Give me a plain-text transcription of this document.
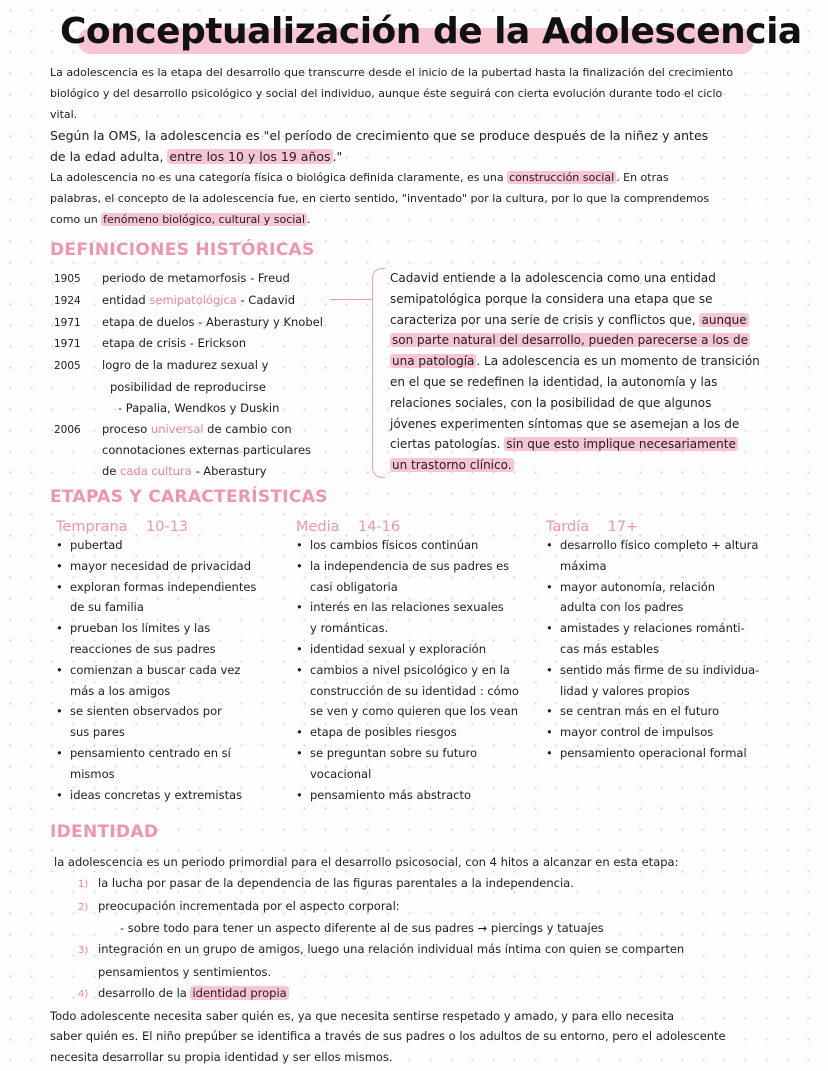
Conceptualización de la Adolescencia
La adolescencia es la etapa del desarrollo que transcurre desde el inicio de la pubertad hasta la finalización del crecimiento
biológico y del desarrollo psicológico y social del individuo, aunque éste seguirá con cierta evolución durante todo el ciclo
vital.
Según la OMS, la adolescencia es "el período de crecimiento que se produce después de la niñez y antes
de la edad adulta, entre los 10 y los 19 años ."
La adolescencia no es una categoría física o biológica definida claramente, es una construcción social . En otras
palabras, el concepto de la adolescencia fue, en cierto sentido, "inventado" por la cultura, por lo que la comprendemos
como un fenómeno biológico, cultural y social .
DEFINICIONES HISTÓRICAS
1905 periodo de metamorfosis - Freud
1924 entidad semipatológica - Cadavid
1971 etapa de duelos - Aberastury y Knobel
1971 etapa de crisis - Erickson
2005 logro de la madurez sexual y
posibilidad de reproducirse
- Papalia, Wendkos y Duskin
2006 proceso universal de cambio con
connotaciones externas particulares
de cada cultura - Aberastury
Cadavid entiende a la adolescencia como una entidad
semipatológica porque la considera una etapa que se
caracteriza por una serie de crisis y conflictos que, aunque
son parte natural del desarrollo, pueden parecerse a los de
una patología . La adolescencia es un momento de transición
en el que se redefinen la identidad, la autonomía y las
relaciones sociales, con la posibilidad de que algunos
jóvenes experimenten síntomas que se asemejan a los de
ciertas patologías. sin que esto implique necesariamente
un trastorno clínico.
ETAPAS Y CARACTERÍSTICAS
Temprana 10-13
• pubertad
• mayor necesidad de privacidad
• exploran formas independientes
de su familia
• prueban los límites y las
reacciones de sus padres
• comienzan a buscar cada vez
más a los amigos
• se sienten observados por
sus pares
• pensamiento centrado en sí
mismos
• ideas concretas y extremistas
Media 14-16
• los cambios físicos continúan
• la independencia de sus padres es
casi obligatoria
• interés en las relaciones sexuales
y románticas.
• identidad sexual y exploración
• cambios a nivel psicológico y en la
construcción de su identidad : cómo
se ven y como quieren que los vean
• etapa de posibles riesgos
• se preguntan sobre su futuro
vocacional
• pensamiento más abstracto
Tardía 17+
• desarrollo físico completo + altura
máxima
• mayor autonomía, relación
adulta con los padres
• amistades y relaciones románti-
cas más estables
• sentido más firme de su individua-
lidad y valores propios
• se centran más en el futuro
• mayor control de impulsos
• pensamiento operacional formal
IDENTIDAD
la adolescencia es un periodo primordial para el desarrollo psicosocial, con 4 hitos a alcanzar en esta etapa:
1) la lucha por pasar de la dependencia de las figuras parentales a la independencia.
2) preocupación incrementada por el aspecto corporal:
- sobre todo para tener un aspecto diferente al de sus padres → piercings y tatuajes
3) integración en un grupo de amigos, luego una relación individual más íntima con quien se comparten
pensamientos y sentimientos.
4) desarrollo de la identidad propia
Todo adolescente necesita saber quién es, ya que necesita sentirse respetado y amado, y para ello necesita
saber quién es. El niño prepúber se identifica a través de sus padres o los adultos de su entorno, pero el adolescente
necesita desarrollar su propia identidad y ser ellos mismos.
